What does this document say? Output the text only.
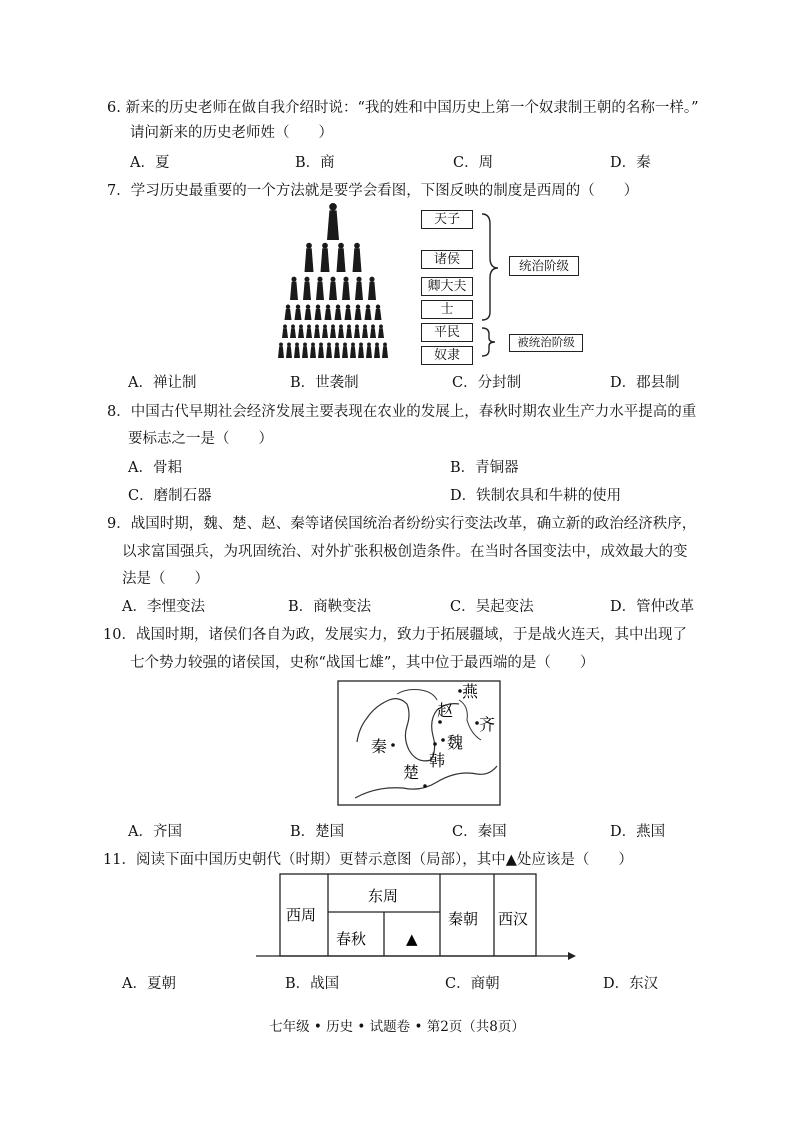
6. 新来的历史老师在做自我介绍时说：“我的姓和中国历史上第一个奴隶制王朝的名称一样。”
请问新来的历史老师姓（　　）
A．夏	B．商	C．周	D．秦
7．学习历史最重要的一个方法就是要学会看图，下图反映的制度是西周的（　　）
天子
诸侯
卿大夫
士
平民
奴隶
统治阶级
被统治阶级
A．禅让制	B．世袭制	C．分封制	D．郡县制
8．中国古代早期社会经济发展主要表现在农业的发展上，春秋时期农业生产力水平提高的重
要标志之一是（　　）
A．骨耜	B．青铜器
C．磨制石器	D．铁制农具和牛耕的使用
9．战国时期，魏、楚、赵、秦等诸侯国统治者纷纷实行变法改革，确立新的政治经济秩序，
以求富国强兵，为巩固统治、对外扩张积极创造条件。在当时各国变法中，成效最大的变
法是（　　）
A．李悝变法	B．商鞅变法	C．吴起变法	D．管仲改革
10．战国时期，诸侯们各自为政，发展实力，致力于拓展疆域，于是战火连天，其中出现了
七个势力较强的诸侯国，史称“战国七雄”，其中位于最西端的是（　　）
燕
赵
齐
秦	魏
韩
楚
A．齐国	B．楚国	C．秦国	D．燕国
11．阅读下面中国历史朝代（时期）更替示意图（局部），其中▲处应该是（　　）
西周
东周
春秋	▲
秦朝 西汉
A．夏朝	B．战国	C．商朝	D．东汉
七年级 • 历史 • 试题卷 • 第2页（共8页）
